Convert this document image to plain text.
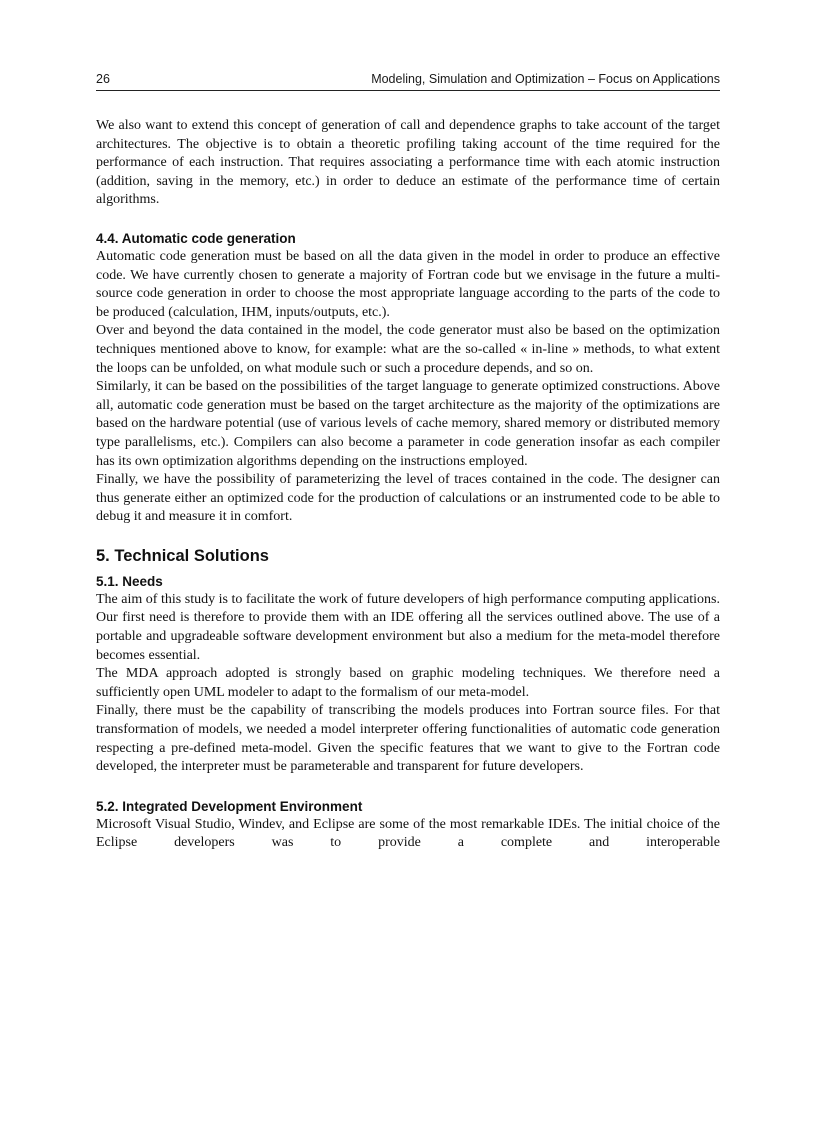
26	Modeling, Simulation and Optimization – Focus on Applications

We also want to extend this concept of generation of call and dependence graphs to take account of the target architectures. The objective is to obtain a theoretic profiling taking account of the time required for the performance of each instruction. That requires associating a performance time with each atomic instruction (addition, saving in the memory, etc.) in order to deduce an estimate of the performance time of certain algorithms.

4.4. Automatic code generation

Automatic code generation must be based on all the data given in the model in order to produce an effective code. We have currently chosen to generate a majority of Fortran code but we envisage in the future a multi-source code generation in order to choose the most appropriate language according to the parts of the code to be produced (calculation, IHM, inputs/outputs, etc.).

Over and beyond the data contained in the model, the code generator must also be based on the optimization techniques mentioned above to know, for example: what are the so-called « in-line » methods, to what extent the loops can be unfolded, on what module such or such a procedure depends, and so on.

Similarly, it can be based on the possibilities of the target language to generate optimized constructions. Above all, automatic code generation must be based on the target architecture as the majority of the optimizations are based on the hardware potential (use of various levels of cache memory, shared memory or distributed memory type parallelisms, etc.). Compilers can also become a parameter in code generation insofar as each compiler has its own optimization algorithms depending on the instructions employed.

Finally, we have the possibility of parameterizing the level of traces contained in the code. The designer can thus generate either an optimized code for the production of calculations or an instrumented code to be able to debug it and measure it in comfort.

5. Technical Solutions
5.1. Needs

The aim of this study is to facilitate the work of future developers of high performance computing applications. Our first need is therefore to provide them with an IDE offering all the services outlined above. The use of a portable and upgradeable software development environment but also a medium for the meta-model therefore becomes essential.

The MDA approach adopted is strongly based on graphic modeling techniques. We therefore need a sufficiently open UML modeler to adapt to the formalism of our meta-model.

Finally, there must be the capability of transcribing the models produces into Fortran source files. For that transformation of models, we needed a model interpreter offering functionalities of automatic code generation respecting a pre-defined meta-model. Given the specific features that we want to give to the Fortran code developed, the interpreter must be parameterable and transparent for future developers.

5.2. Integrated Development Environment

Microsoft Visual Studio, Windev, and Eclipse are some of the most remarkable IDEs. The initial choice of the Eclipse developers was to provide a complete and interoperable
